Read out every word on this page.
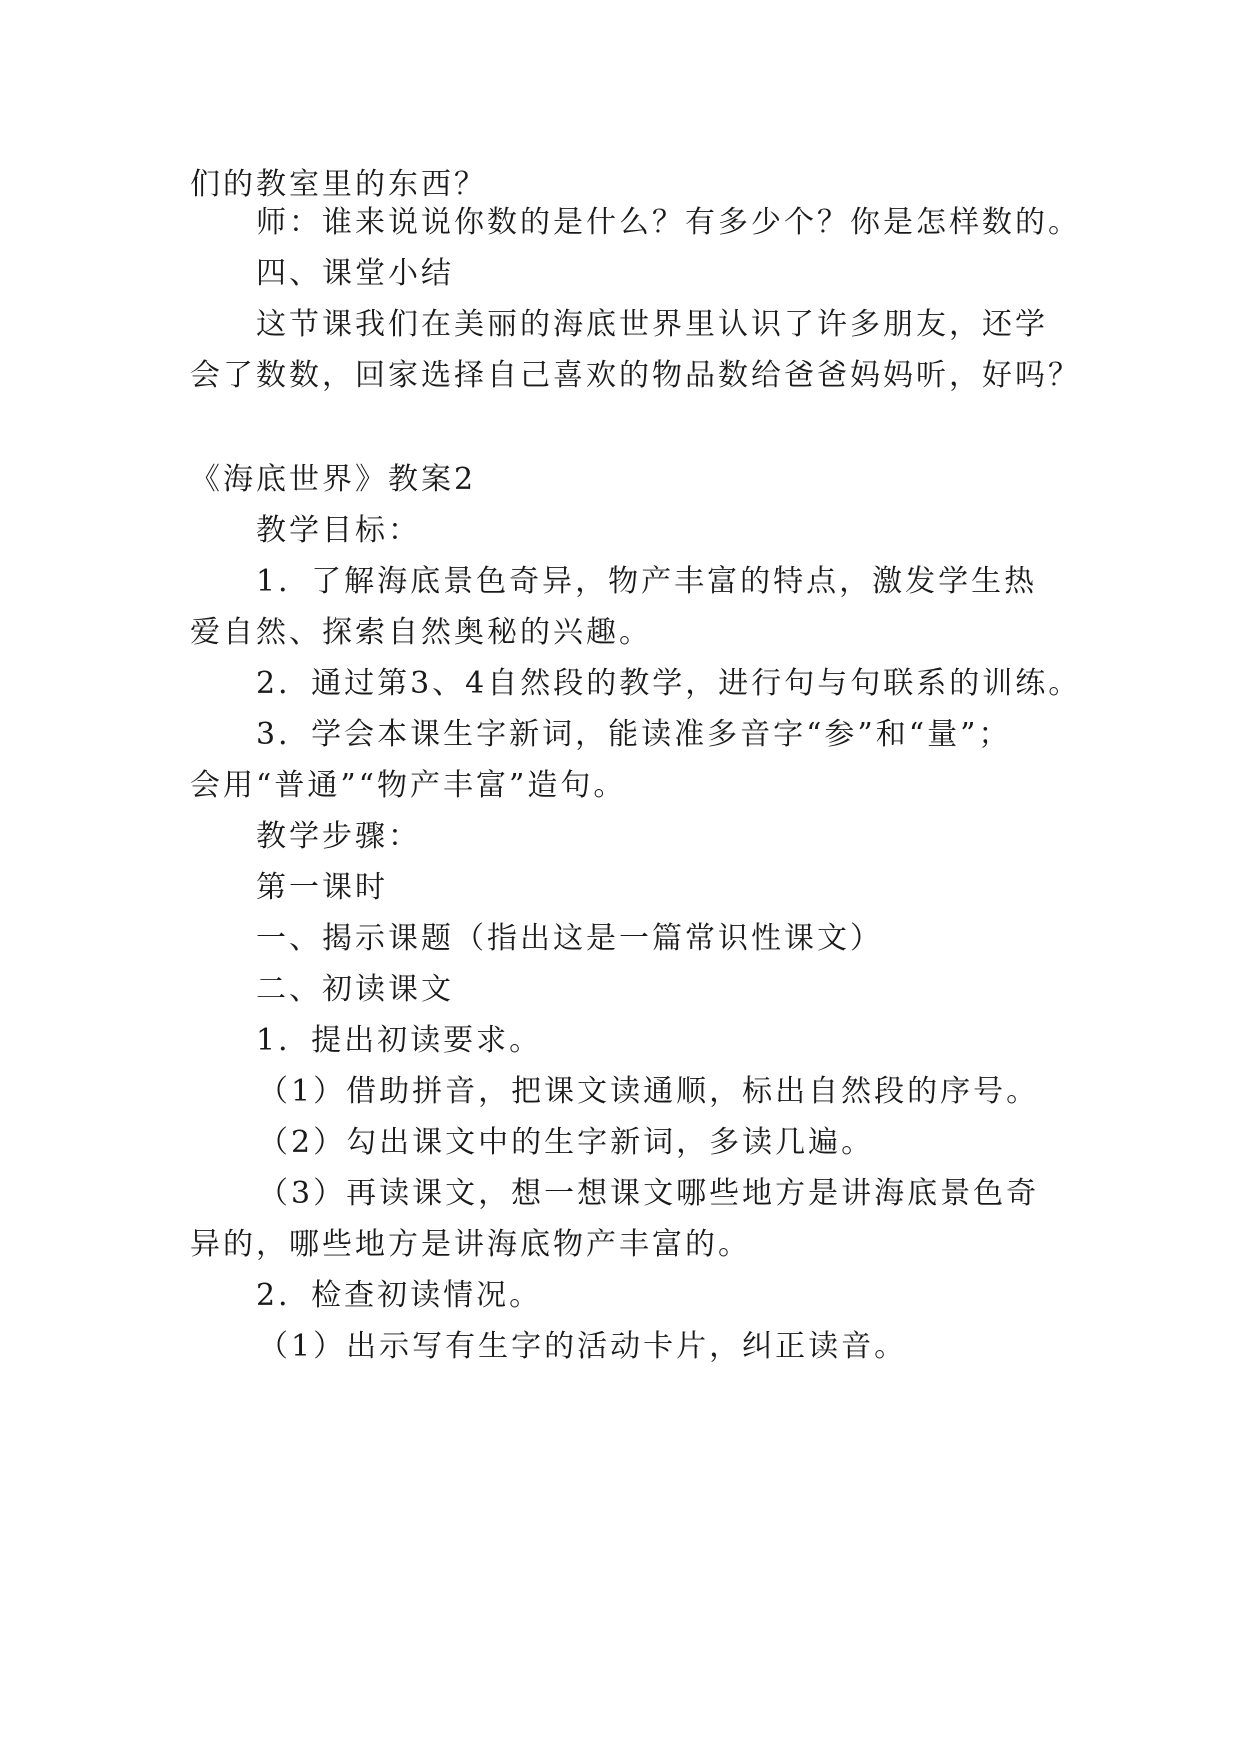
们的教室里的东西？
师：谁来说说你数的是什么？有多少个？你是怎样数的。
四、课堂小结
这节课我们在美丽的海底世界里认识了许多朋友，还学
会了数数，回家选择自己喜欢的物品数给爸爸妈妈听，好吗？
《海底世界》教案2
教学目标：
1．了解海底景色奇异，物产丰富的特点，激发学生热
爱自然、探索自然奥秘的兴趣。
2．通过第3、4自然段的教学，进行句与句联系的训练。
3．学会本课生字新词，能读准多音字“参”和“量”；
会用“普通”“物产丰富”造句。
教学步骤：
第一课时
一、揭示课题（指出这是一篇常识性课文）
二、初读课文
1．提出初读要求。
（1）借助拼音，把课文读通顺，标出自然段的序号。
（2）勾出课文中的生字新词，多读几遍。
（3）再读课文，想一想课文哪些地方是讲海底景色奇
异的，哪些地方是讲海底物产丰富的。
2．检查初读情况。
（1）出示写有生字的活动卡片，纠正读音。
